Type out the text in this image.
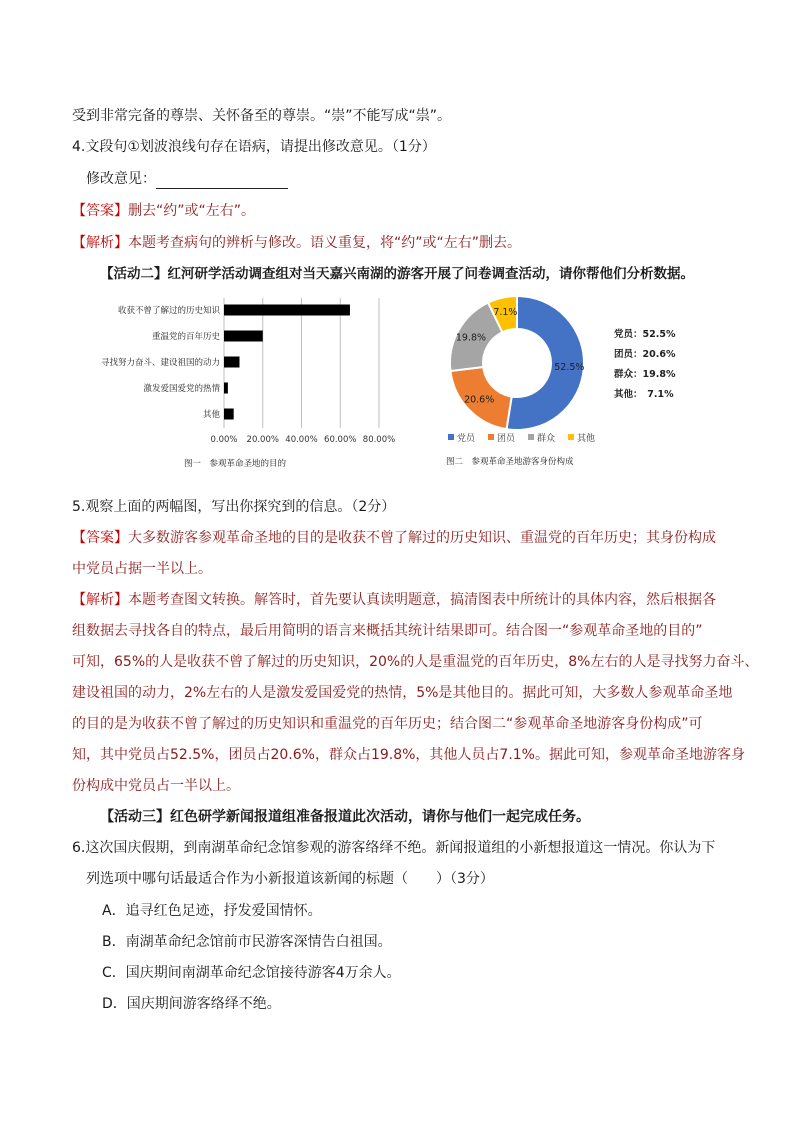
受到非常完备的尊崇、关怀备至的尊崇。“崇”不能写成“祟”。
4.文段句①划波浪线句存在语病，请提出修改意见。（1分）
修改意见：
【答案】删去“约”或“左右”。
【解析】本题考查病句的辨析与修改。语义重复，将“约”或“左右”删去。
【活动二】红河研学活动调查组对当天嘉兴南湖的游客开展了问卷调查活动，请你帮他们分析数据。
0.00% 20.00% 40.00% 60.00% 80.00%
收获不曾了解过的历史知识
重温党的百年历史
寻找努力奋斗、建设祖国的动力
激发爱国爱党的热情
其他
图一　参观革命圣地的目的
52.5%
20.6%
19.8%
7.1%
党员 团员 群众 其他
党员：52.5%
团员：20.6%
群众：19.8%
其他：　7.1%
图二　参观革命圣地游客身份构成
5.观察上面的两幅图，写出你探究到的信息。（2分）
【答案】大多数游客参观革命圣地的目的是收获不曾了解过的历史知识、重温党的百年历史；其身份构成
中党员占据一半以上。
【解析】本题考查图文转换。解答时，首先要认真读明题意，搞清图表中所统计的具体内容，然后根据各
组数据去寻找各自的特点，最后用简明的语言来概括其统计结果即可。结合图一“参观革命圣地的目的”
可知，65%的人是收获不曾了解过的历史知识，20%的人是重温党的百年历史，8%左右的人是寻找努力奋斗、
建设祖国的动力，2%左右的人是激发爱国爱党的热情，5%是其他目的。据此可知，大多数人参观革命圣地
的目的是为收获不曾了解过的历史知识和重温党的百年历史；结合图二“参观革命圣地游客身份构成”可
知，其中党员占52.5%，团员占20.6%，群众占19.8%，其他人员占7.1%。据此可知，参观革命圣地游客身
份构成中党员占一半以上。
【活动三】红色研学新闻报道组准备报道此次活动，请你与他们一起完成任务。
6.这次国庆假期，到南湖革命纪念馆参观的游客络绎不绝。新闻报道组的小新想报道这一情况。你认为下
列选项中哪句话最适合作为小新报道该新闻的标题（　　）（3分）
A．追寻红色足迹，抒发爱国情怀。
B．南湖革命纪念馆前市民游客深情告白祖国。
C．国庆期间南湖革命纪念馆接待游客4万余人。
D．国庆期间游客络绎不绝。
